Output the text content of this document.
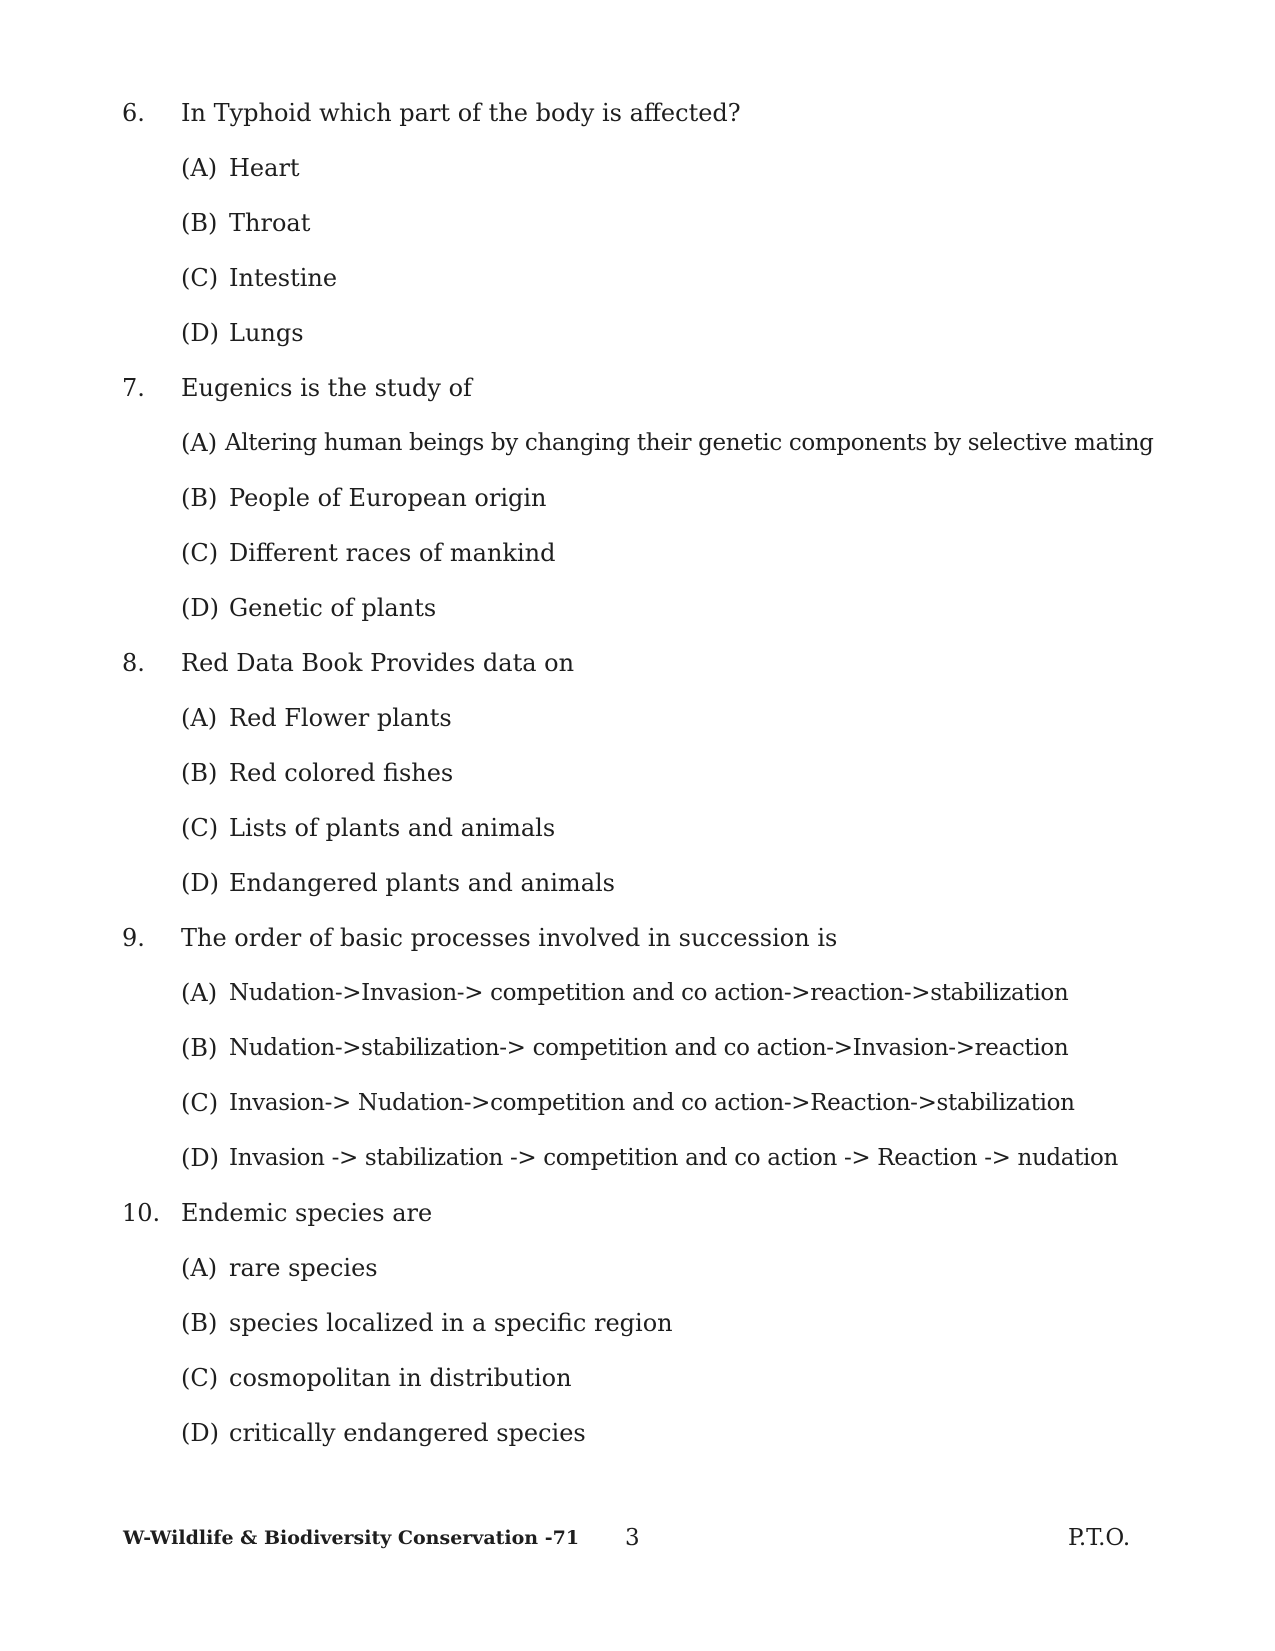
6. In Typhoid which part of the body is affected?
(A) Heart
(B) Throat
(C) Intestine
(D) Lungs
7. Eugenics is the study of
(A) Altering human beings by changing their genetic components by selective mating
(B) People of European origin
(C) Different races of mankind
(D) Genetic of plants
8. Red Data Book Provides data on
(A) Red Flower plants
(B) Red colored fishes
(C) Lists of plants and animals
(D) Endangered plants and animals
9. The order of basic processes involved in succession is
(A) Nudation->Invasion-> competition and co action->reaction->stabilization
(B) Nudation->stabilization-> competition and co action->Invasion->reaction
(C) Invasion-> Nudation->competition and co action->Reaction->stabilization
(D) Invasion -> stabilization -> competition and co action -> Reaction -> nudation
10. Endemic species are
(A) rare species
(B) species localized in a specific region
(C) cosmopolitan in distribution
(D) critically endangered species
W-Wildlife & Biodiversity Conservation -71 3	P.T.O.
